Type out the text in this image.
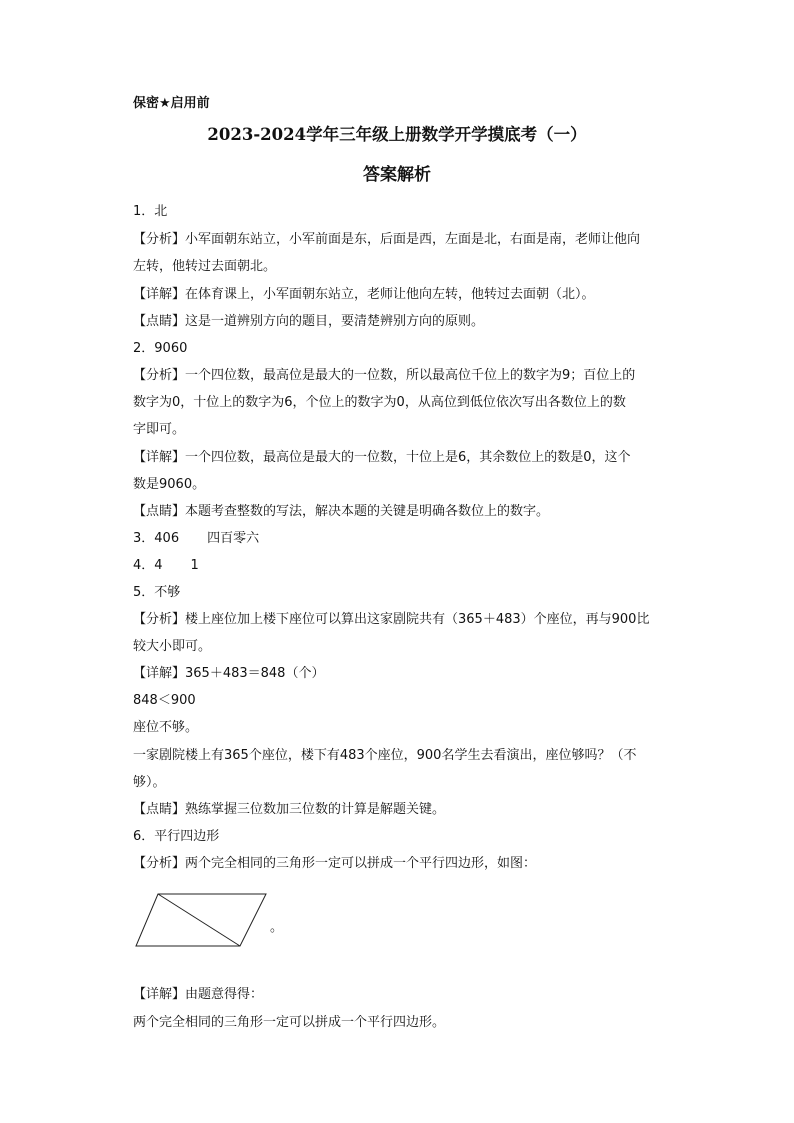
保密★启用前
2023-2024学年三年级上册数学开学摸底考（一）
答案解析
1．北
【分析】小军面朝东站立，小军前面是东，后面是西，左面是北，右面是南，老师让他向
左转，他转过去面朝北。
【详解】在体育课上，小军面朝东站立，老师让他向左转，他转过去面朝（北）。
【点睛】这是一道辨别方向的题目，要清楚辨别方向的原则。
2．9060
【分析】一个四位数，最高位是最大的一位数，所以最高位千位上的数字为9；百位上的
数字为0，十位上的数字为6，个位上的数字为0，从高位到低位依次写出各数位上的数
字即可。
【详解】一个四位数，最高位是最大的一位数，十位上是6，其余数位上的数是0，这个
数是9060。
【点睛】本题考查整数的写法，解决本题的关键是明确各数位上的数字。
3．406 四百零六
4．4 1
5．不够
【分析】楼上座位加上楼下座位可以算出这家剧院共有（365＋483）个座位，再与900比
较大小即可。
【详解】365＋483＝848（个）
848＜900
座位不够。
一家剧院楼上有365个座位，楼下有483个座位，900名学生去看演出，座位够吗？（不
够）。
【点睛】熟练掌握三位数加三位数的计算是解题关键。
6．平行四边形
【分析】两个完全相同的三角形一定可以拼成一个平行四边形，如图：
。
【详解】由题意得得：
两个完全相同的三角形一定可以拼成一个平行四边形。
